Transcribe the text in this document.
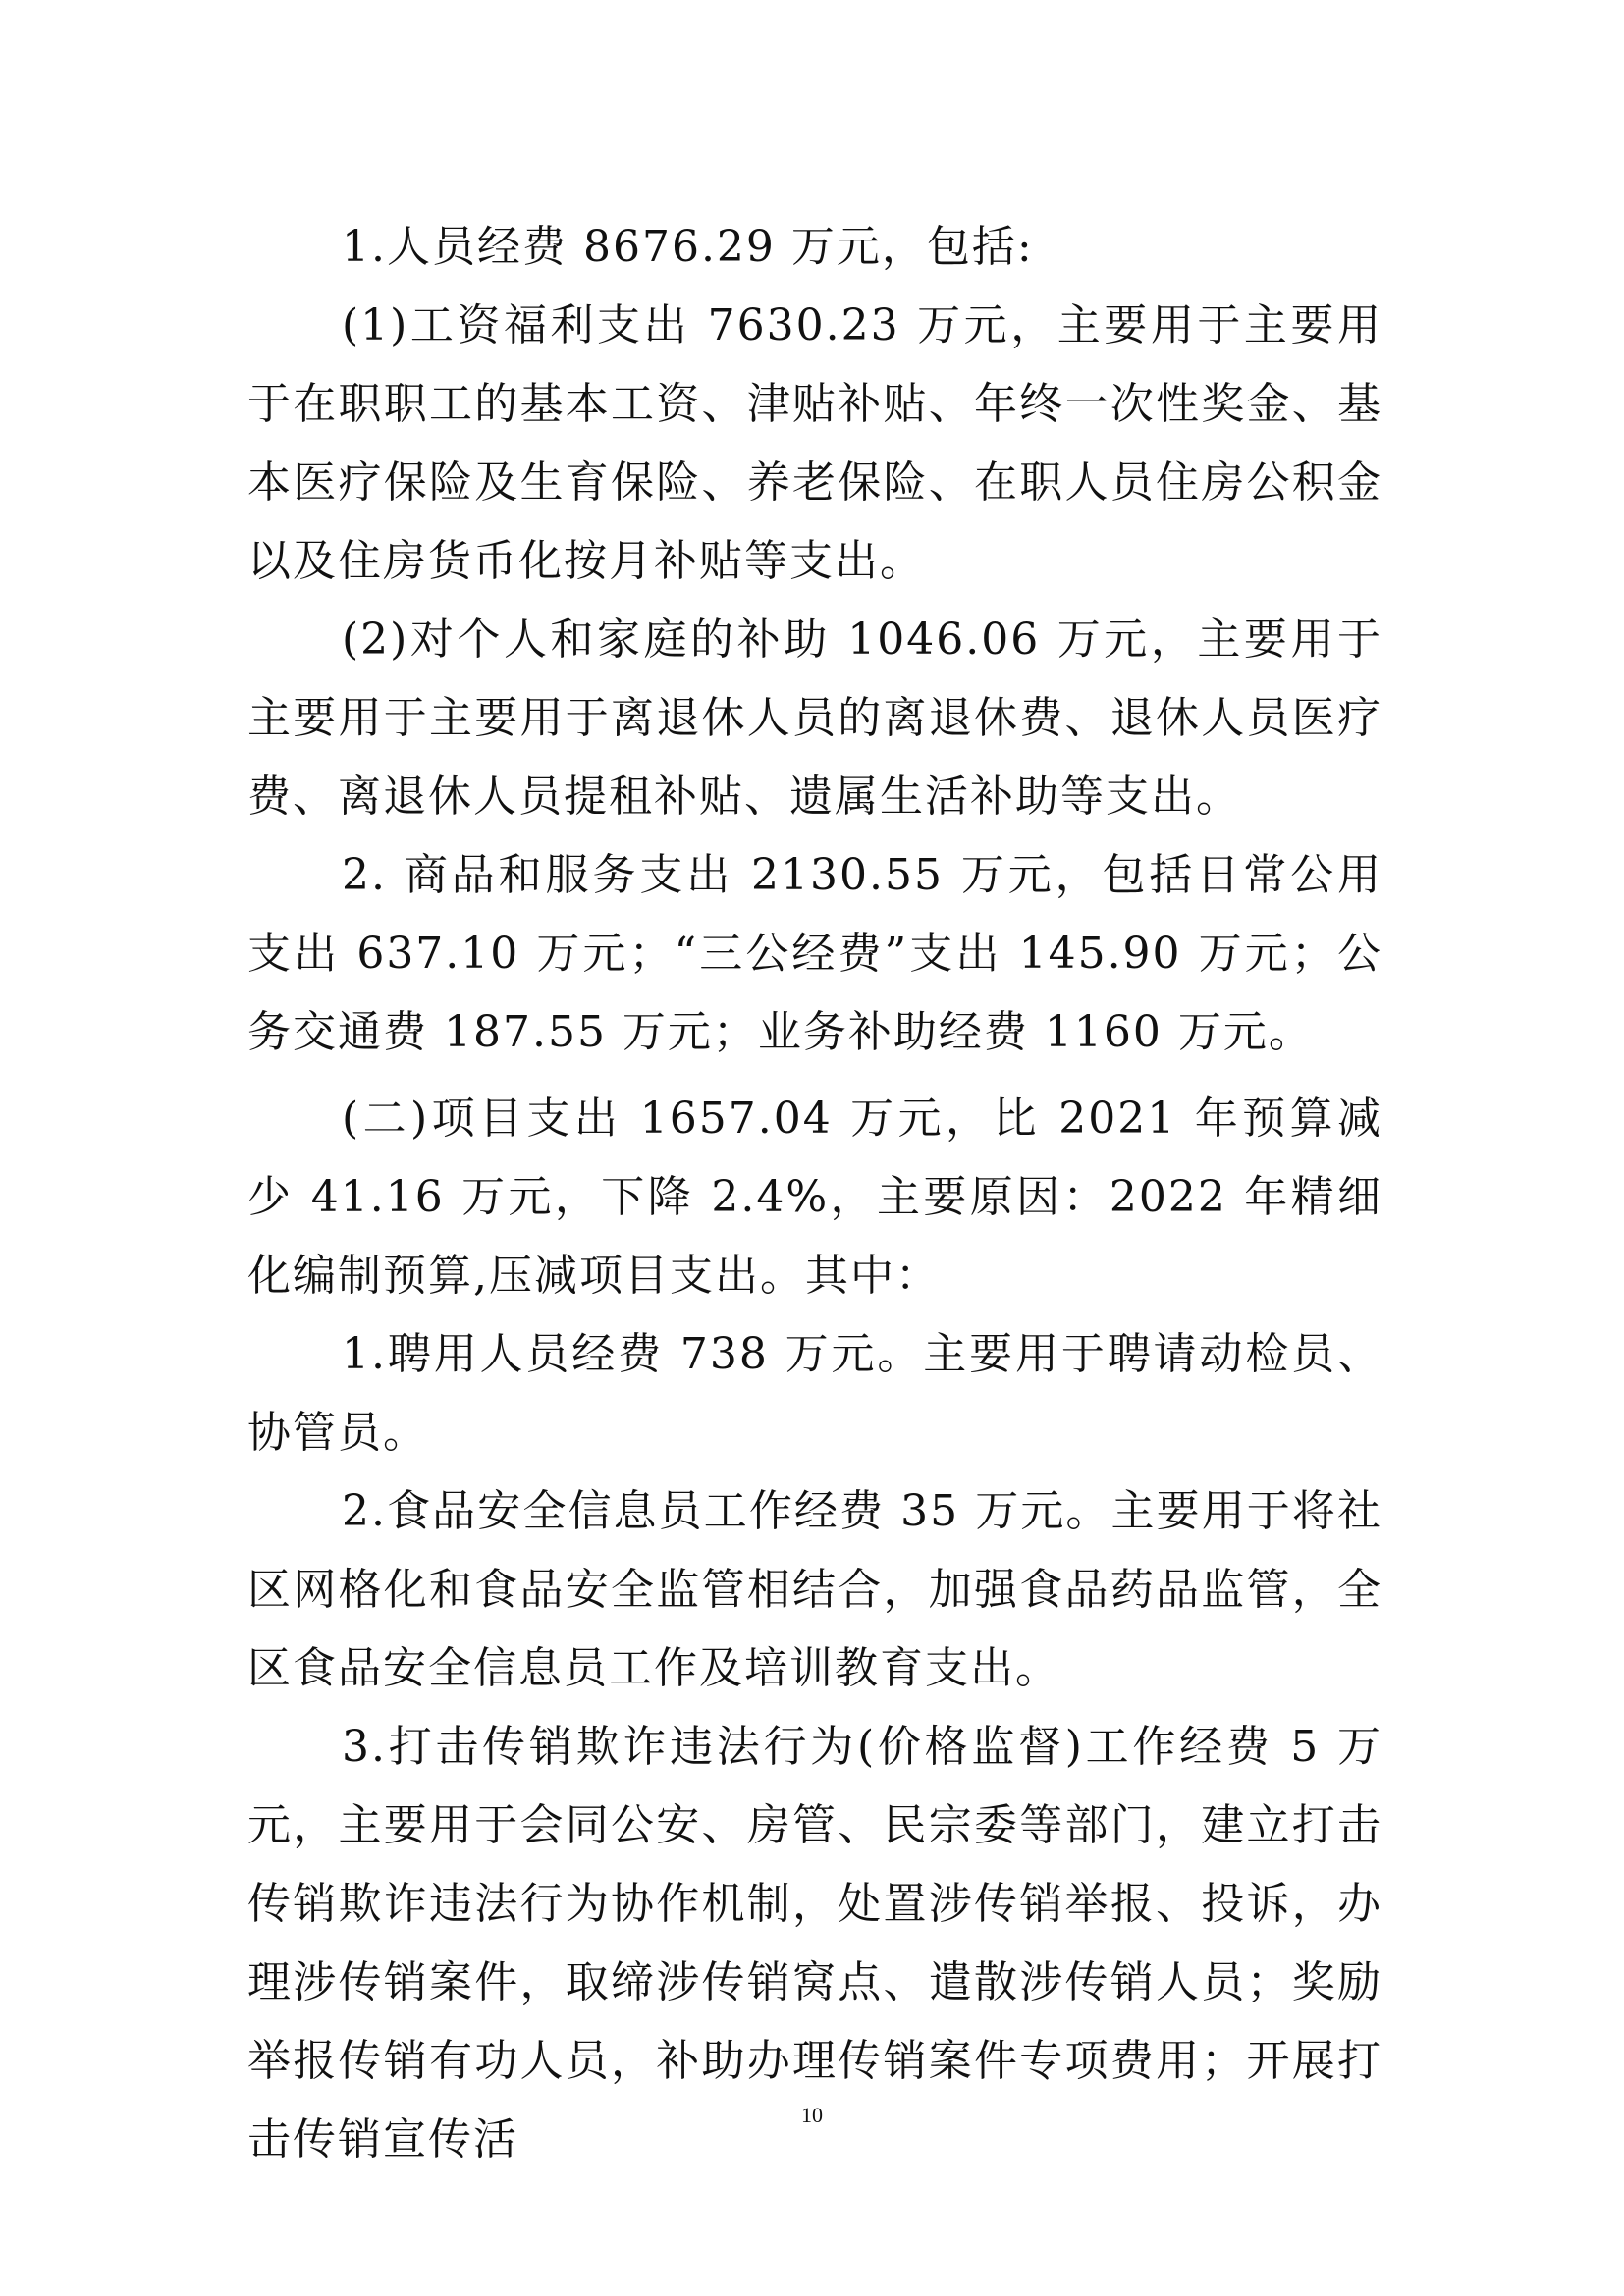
1.人员经费 8676.29 万元，包括:

(1)工资福利支出 7630.23 万元，主要用于主要用于在职职工的基本工资、津贴补贴、年终一次性奖金、基本医疗保险及生育保险、养老保险、在职人员住房公积金以及住房货币化按月补贴等支出。

(2)对个人和家庭的补助 1046.06 万元，主要用于主要用于主要用于离退休人员的离退休费、退休人员医疗费、离退休人员提租补贴、遗属生活补助等支出。

2. 商品和服务支出 2130.55 万元，包括日常公用支出 637.10 万元；“三公经费”支出 145.90 万元；公务交通费 187.55 万元；业务补助经费 1160 万元。

(二)项目支出 1657.04 万元，比 2021 年预算减少 41.16 万元，下降 2.4%，主要原因：2022 年精细化编制预算,压减项目支出。其中：

1.聘用人员经费 738 万元。主要用于聘请动检员、协管员。

2.食品安全信息员工作经费 35 万元。主要用于将社区网格化和食品安全监管相结合，加强食品药品监管，全区食品安全信息员工作及培训教育支出。

3.打击传销欺诈违法行为(价格监督)工作经费 5 万元，主要用于会同公安、房管、民宗委等部门，建立打击传销欺诈违法行为协作机制，处置涉传销举报、投诉，办理涉传销案件，取缔涉传销窝点、遣散涉传销人员；奖励举报传销有功人员，补助办理传销案件专项费用；开展打击传销宣传活	10
